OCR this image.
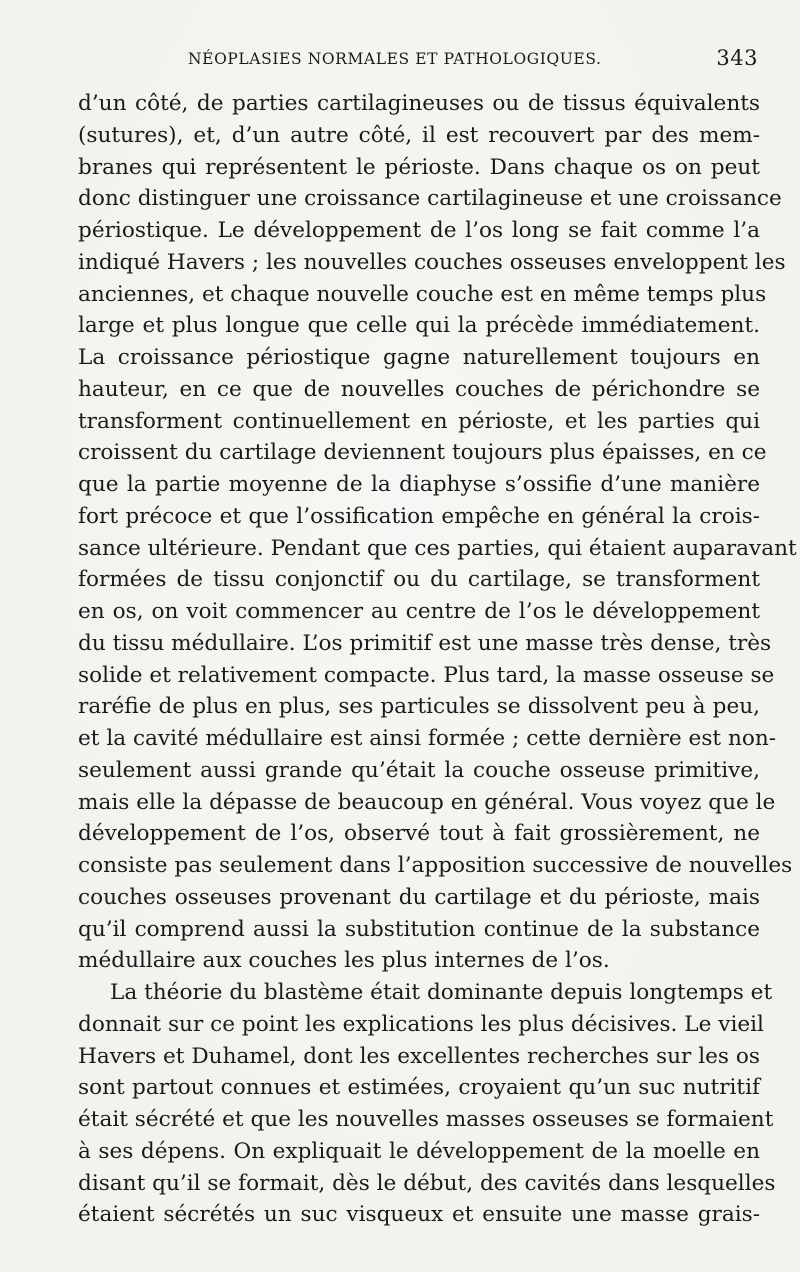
NÉOPLASIES NORMALES ET PATHOLOGIQUES.	343
d’un côté, de parties cartilagineuses ou de tissus équivalents
(sutures), et, d’un autre côté, il est recouvert par des mem-
branes qui représentent le périoste. Dans chaque os on peut
donc distinguer une croissance cartilagineuse et une croissance
périostique. Le développement de l’os long se fait comme l’a
indiqué Havers ; les nouvelles couches osseuses enveloppent les
anciennes, et chaque nouvelle couche est en même temps plus
large et plus longue que celle qui la précède immédiatement.
La croissance périostique gagne naturellement toujours en
hauteur, en ce que de nouvelles couches de périchondre se
transforment continuellement en périoste, et les parties qui
croissent du cartilage deviennent toujours plus épaisses, en ce
que la partie moyenne de la diaphyse s’ossifie d’une manière
fort précoce et que l’ossification empêche en général la crois-
sance ultérieure. Pendant que ces parties, qui étaient auparavant
formées de tissu conjonctif ou du cartilage, se transforment
en os, on voit commencer au centre de l’os le développement
du tissu médullaire. L’os primitif est une masse très dense, très
solide et relativement compacte. Plus tard, la masse osseuse se
raréfie de plus en plus, ses particules se dissolvent peu à peu,
et la cavité médullaire est ainsi formée ; cette dernière est non-
seulement aussi grande qu’était la couche osseuse primitive,
mais elle la dépasse de beaucoup en général. Vous voyez que le
développement de l’os, observé tout à fait grossièrement, ne
consiste pas seulement dans l’apposition successive de nouvelles
couches osseuses provenant du cartilage et du périoste, mais
qu’il comprend aussi la substitution continue de la substance
médullaire aux couches les plus internes de l’os.
La théorie du blastème était dominante depuis longtemps et
donnait sur ce point les explications les plus décisives. Le vieil
Havers et Duhamel, dont les excellentes recherches sur les os
sont partout connues et estimées, croyaient qu’un suc nutritif
était sécrété et que les nouvelles masses osseuses se formaient
à ses dépens. On expliquait le développement de la moelle en
disant qu’il se formait, dès le début, des cavités dans lesquelles
étaient sécrétés un suc visqueux et ensuite une masse grais-
